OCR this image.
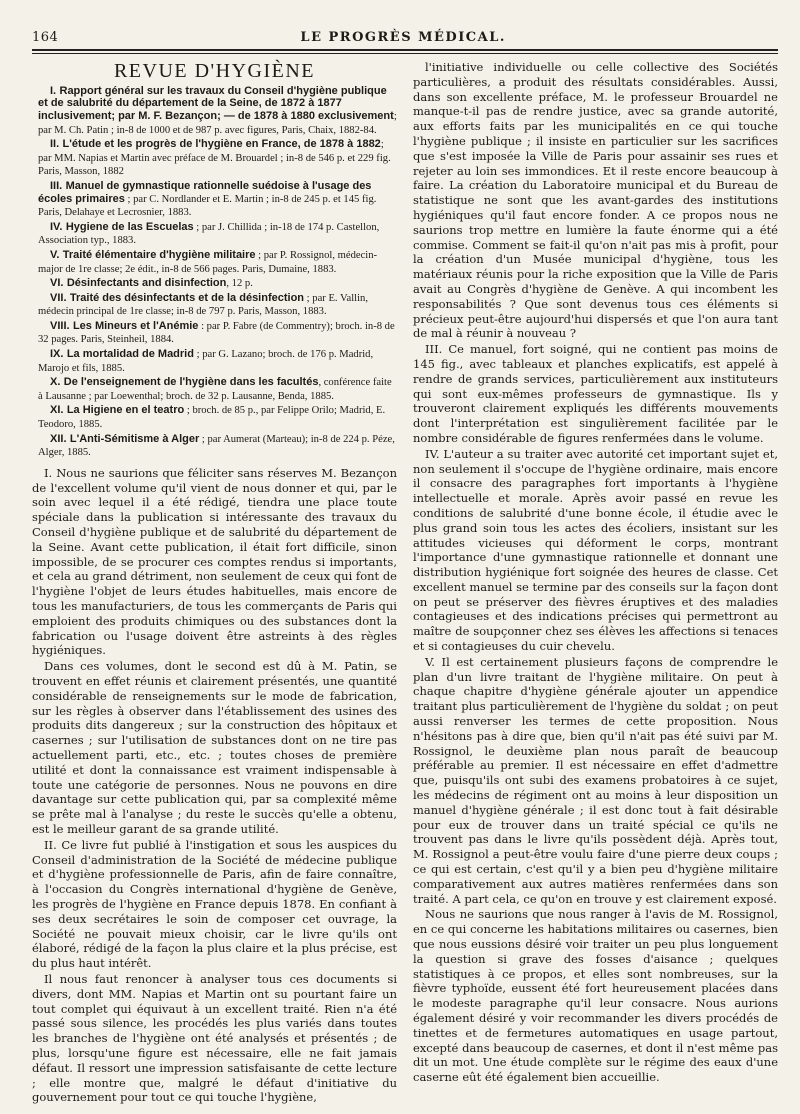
164	LE PROGRÈS MÉDICAL.
REVUE D'HYGIÈNE

I. Rapport général sur les travaux du Conseil d'hygiène publique et de salubrité du département de la Seine, de 1872 à 1877 inclusivement; par M. F. Bezançon; — de 1878 à 1880 exclusivement; par M. Ch. Patin ; in-8 de 1000 et de 987 p. avec figures, Paris, Chaix, 1882-84.

II. L'étude et les progrès de l'hygiène en France, de 1878 à 1882; par MM. Napias et Martin avec préface de M. Brouardel ; in-8 de 546 p. et 229 fig. Paris, Masson, 1882

III. Manuel de gymnastique rationnelle suédoise à l'usage des écoles primaires ; par C. Nordlander et E. Martin ; in-8 de 245 p. et 145 fig. Paris, Delahaye et Lecrosnier, 1883.

IV. Hygiene de las Escuelas ; par J. Chillida ; in-18 de 174 p. Castellon, Association typ., 1883.

V. Traité élémentaire d'hygiène militaire ; par P. Rossignol, médecin-major de 1re classe; 2e édit., in-8 de 566 pages. Paris, Dumaine, 1883.

VI. Désinfectants and disinfection, 12 p.

VII. Traité des désinfectants et de la désinfection ; par E. Vallin, médecin principal de 1re classe; in-8 de 797 p. Paris, Masson, 1883.

VIII. Les Mineurs et l'Anémie : par P. Fabre (de Commentry); broch. in-8 de 32 pages. Paris, Steinheil, 1884.

IX. La mortalidad de Madrid ; par G. Lazano; broch. de 176 p. Madrid, Marojo et fils, 1885.

X. De l'enseignement de l'hygiène dans les facultés, conférence faite à Lausanne ; par Loewenthal; broch. de 32 p. Lausanne, Benda, 1885.

XI. La Higiene en el teatro ; broch. de 85 p., par Felippe Orilo; Madrid, E. Teodoro, 1885.

XII. L'Anti-Sémitisme à Alger ; par Aumerat (Marteau); in-8 de 224 p. Péze, Alger, 1885.

I. Nous ne saurions que féliciter sans réserves M. Bezançon de l'excellent volume qu'il vient de nous donner et qui, par le soin avec lequel il a été rédigé, tiendra une place toute spéciale dans la publication si intéressante des travaux du Conseil d'hygiène publique et de salubrité du département de la Seine. Avant cette publication, il était fort difficile, sinon impossible, de se procurer ces comptes rendus si importants, et cela au grand détriment, non seulement de ceux qui font de l'hygiène l'objet de leurs études habituelles, mais encore de tous les manufacturiers, de tous les commerçants de Paris qui emploient des produits chimiques ou des substances dont la fabrication ou l'usage doivent être astreints à des règles hygiéniques.

Dans ces volumes, dont le second est dû à M. Patin, se trouvent en effet réunis et clairement présentés, une quantité considérable de renseignements sur le mode de fabrication, sur les règles à observer dans l'établissement des usines des produits dits dangereux ; sur la construction des hôpitaux et casernes ; sur l'utilisation de substances dont on ne tire pas actuellement parti, etc., etc. ; toutes choses de première utilité et dont la connaissance est vraiment indispensable à toute une catégorie de personnes. Nous ne pouvons en dire davantage sur cette publication qui, par sa complexité même se prête mal à l'analyse ; du reste le succès qu'elle a obtenu, est le meilleur garant de sa grande utilité.

II. Ce livre fut publié à l'instigation et sous les auspices du Conseil d'administration de la Société de médecine publique et d'hygiène professionnelle de Paris, afin de faire connaître, à l'occasion du Congrès international d'hygiène de Genève, les progrès de l'hygiène en France depuis 1878. En confiant à ses deux secrétaires le soin de composer cet ouvrage, la Société ne pouvait mieux choisir, car le livre qu'ils ont élaboré, rédigé de la façon la plus claire et la plus précise, est du plus haut intérêt.

Il nous faut renoncer à analyser tous ces documents si divers, dont MM. Napias et Martin ont su pourtant faire un tout complet qui équivaut à un excellent traité. Rien n'a été passé sous silence, les procédés les plus variés dans toutes les branches de l'hygiène ont été analysés et présentés ; de plus, lorsqu'une figure est nécessaire, elle ne fait jamais défaut. Il ressort une impression satisfaisante de cette lecture ; elle montre que, malgré le défaut d'initiative du gouvernement pour tout ce qui touche l'hygiène,

l'initiative individuelle ou celle collective des Sociétés particulières, a produit des résultats considérables. Aussi, dans son excellente préface, M. le professeur Brouardel ne manque-t-il pas de rendre justice, avec sa grande autorité, aux efforts faits par les municipalités en ce qui touche l'hygiène publique ; il insiste en particulier sur les sacrifices que s'est imposée la Ville de Paris pour assainir ses rues et rejeter au loin ses immondices. Et il reste encore beaucoup à faire. La création du Laboratoire municipal et du Bureau de statistique ne sont que les avant-gardes des institutions hygiéniques qu'il faut encore fonder. A ce propos nous ne saurions trop mettre en lumière la faute énorme qui a été commise. Comment se fait-il qu'on n'ait pas mis à profit, pour la création d'un Musée municipal d'hygiène, tous les matériaux réunis pour la riche exposition que la Ville de Paris avait au Congrès d'hygiène de Genève. A qui incombent les responsabilités ? Que sont devenus tous ces éléments si précieux peut-être aujourd'hui dispersés et que l'on aura tant de mal à réunir à nouveau ?

III. Ce manuel, fort soigné, qui ne contient pas moins de 145 fig., avec tableaux et planches explicatifs, est appelé à rendre de grands services, particulièrement aux instituteurs qui sont eux-mêmes professeurs de gymnastique. Ils y trouveront clairement expliqués les différents mouvements dont l'interprétation est singulièrement facilitée par le nombre considérable de figures renfermées dans le volume.

IV. L'auteur a su traiter avec autorité cet important sujet et, non seulement il s'occupe de l'hygiène ordinaire, mais encore il consacre des paragraphes fort importants à l'hygiène intellectuelle et morale. Après avoir passé en revue les conditions de salubrité d'une bonne école, il étudie avec le plus grand soin tous les actes des écoliers, insistant sur les attitudes vicieuses qui déforment le corps, montrant l'importance d'une gymnastique rationnelle et donnant une distribution hygiénique fort soignée des heures de classe. Cet excellent manuel se termine par des conseils sur la façon dont on peut se préserver des fièvres éruptives et des maladies contagieuses et des indications précises qui permettront au maître de soupçonner chez ses élèves les affections si tenaces et si contagieuses du cuir chevelu.

V. Il est certainement plusieurs façons de comprendre le plan d'un livre traitant de l'hygiène militaire. On peut à chaque chapitre d'hygiène générale ajouter un appendice traitant plus particulièrement de l'hygiène du soldat ; on peut aussi renverser les termes de cette proposition. Nous n'hésitons pas à dire que, bien qu'il n'ait pas été suivi par M. Rossignol, le deuxième plan nous paraît de beaucoup préférable au premier. Il est nécessaire en effet d'admettre que, puisqu'ils ont subi des examens probatoires à ce sujet, les médecins de régiment ont au moins à leur disposition un manuel d'hygiène générale ; il est donc tout à fait désirable pour eux de trouver dans un traité spécial ce qu'ils ne trouvent pas dans le livre qu'ils possèdent déjà. Après tout, M. Rossignol a peut-être voulu faire d'une pierre deux coups ; ce qui est certain, c'est qu'il y a bien peu d'hygiène militaire comparativement aux autres matières renfermées dans son traité. A part cela, ce qu'on en trouve y est clairement exposé.

Nous ne saurions que nous ranger à l'avis de M. Rossignol, en ce qui concerne les habitations militaires ou casernes, bien que nous eussions désiré voir traiter un peu plus longuement la question si grave des fosses d'aisance ; quelques statistiques à ce propos, et elles sont nombreuses, sur la fièvre typhoïde, eussent été fort heureusement placées dans le modeste paragraphe qu'il leur consacre. Nous aurions également désiré y voir recommander les divers procédés de tinettes et de fermetures automatiques en usage partout, excepté dans beaucoup de casernes, et dont il n'est même pas dit un mot. Une étude complète sur le régime des eaux d'une caserne eût été également bien accueillie.
